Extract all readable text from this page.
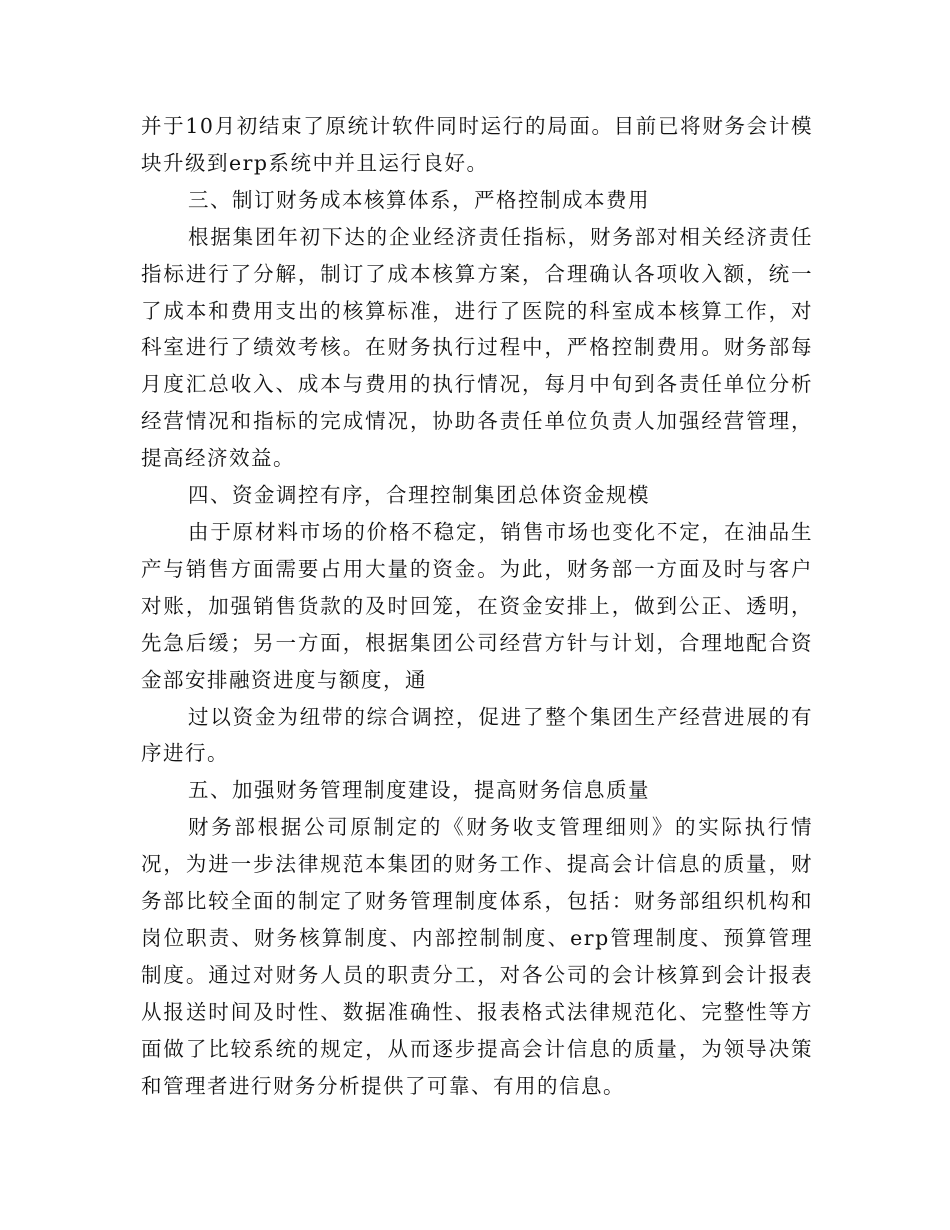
并于10月初结束了原统计软件同时运行的局面。目前已将财务会计模块升级到erp系统中并且运行良好。

三、制订财务成本核算体系，严格控制成本费用

根据集团年初下达的企业经济责任指标，财务部对相关经济责任指标进行了分解，制订了成本核算方案，合理确认各项收入额，统一了成本和费用支出的核算标准，进行了医院的科室成本核算工作，对科室进行了绩效考核。在财务执行过程中，严格控制费用。财务部每月度汇总收入、成本与费用的执行情况，每月中旬到各责任单位分析经营情况和指标的完成情况，协助各责任单位负责人加强经营管理，提高经济效益。

四、资金调控有序，合理控制集团总体资金规模

由于原材料市场的价格不稳定，销售市场也变化不定，在油品生产与销售方面需要占用大量的资金。为此，财务部一方面及时与客户对账，加强销售货款的及时回笼，在资金安排上，做到公正、透明，先急后缓；另一方面，根据集团公司经营方针与计划，合理地配合资金部安排融资进度与额度，通

过以资金为纽带的综合调控，促进了整个集团生产经营进展的有序进行。

五、加强财务管理制度建设，提高财务信息质量

财务部根据公司原制定的《财务收支管理细则》的实际执行情况，为进一步法律规范本集团的财务工作、提高会计信息的质量，财务部比较全面的制定了财务管理制度体系，包括：财务部组织机构和岗位职责、财务核算制度、内部控制制度、erp管理制度、预算管理制度。通过对财务人员的职责分工，对各公司的会计核算到会计报表从报送时间及时性、数据准确性、报表格式法律规范化、完整性等方面做了比较系统的规定，从而逐步提高会计信息的质量，为领导决策和管理者进行财务分析提供了可靠、有用的信息。
